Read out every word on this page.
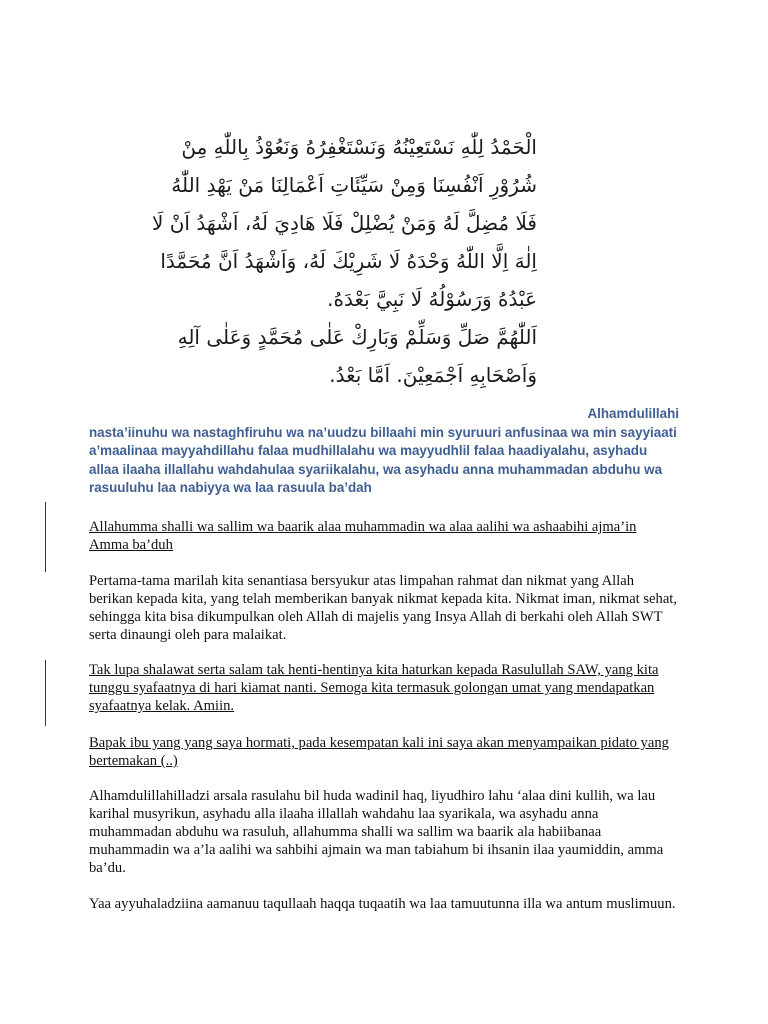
الْحَمْدُ لِلّٰهِ نَسْتَعِيْنُهُ وَنَسْتَغْفِرُهُ وَنَعُوْذُ بِاللّٰهِ مِنْ
شُرُوْرِ اَنْفُسِنَا وَمِنْ سَيِّئَاتِ اَعْمَالِنَا مَنْ يَهْدِ اللّٰهُ
فَلَا مُضِلَّ لَهُ وَمَنْ يُضْلِلْ فَلَا هَادِيَ لَهُ، اَشْهَدُ اَنْ لَا
اِلٰهَ اِلَّا اللّٰهُ وَحْدَهُ لَا شَرِيْكَ لَهُ، وَاَشْهَدُ اَنَّ مُحَمَّدًا
عَبْدُهُ وَرَسُوْلُهُ لَا نَبِيَّ بَعْدَهُ.
اَللّٰهُمَّ صَلِّ وَسَلِّمْ وَبَارِكْ عَلٰى مُحَمَّدٍ وَعَلٰى آلِهِ
وَاَصْحَابِهِ اَجْمَعِيْنَ. اَمَّا بَعْدُ.
Alhamdulillahi
nasta’iinuhu wa nastaghfiruhu wa na’uudzu billaahi min syuruuri anfusinaa wa min sayyiaati a’maalinaa mayyahdillahu falaa mudhillalahu wa mayyudhlil falaa haadiyalahu, asyhadu allaa ilaaha illallahu wahdahulaa syariikalahu, wa asyhadu anna muhammadan abduhu wa rasuuluhu laa nabiyya wa laa rasuula ba’dah

Allahumma shalli wa sallim wa baarik alaa muhammadin wa alaa aalihi wa ashaabihi ajma’in Amma ba’duh

Pertama-tama marilah kita senantiasa bersyukur atas limpahan rahmat dan nikmat yang Allah berikan kepada kita, yang telah memberikan banyak nikmat kepada kita. Nikmat iman, nikmat sehat, sehingga kita bisa dikumpulkan oleh Allah di majelis yang Insya Allah di berkahi oleh Allah SWT serta dinaungi oleh para malaikat.

Tak lupa shalawat serta salam tak henti-hentinya kita haturkan kepada Rasulullah SAW, yang kita tunggu syafaatnya di hari kiamat nanti. Semoga kita termasuk golongan umat yang mendapatkan syafaatnya kelak. Amiin.

Bapak ibu yang yang saya hormati, pada kesempatan kali ini saya akan menyampaikan pidato yang bertemakan (..)

Alhamdulillahilladzi arsala rasulahu bil huda wadinil haq, liyudhiro lahu ‘alaa dini kullih, wa lau karihal musyrikun, asyhadu alla ilaaha illallah wahdahu laa syarikala, wa asyhadu anna muhammadan abduhu wa rasuluh, allahumma shalli wa sallim wa baarik ala habiibanaa muhammadin wa a’la aalihi wa sahbihi ajmain wa man tabiahum bi ihsanin ilaa yaumiddin, amma ba’du.

Yaa ayyuhaladziina aamanuu taqullaah haqqa tuqaatih wa laa tamuutunna illa wa antum muslimuun.
